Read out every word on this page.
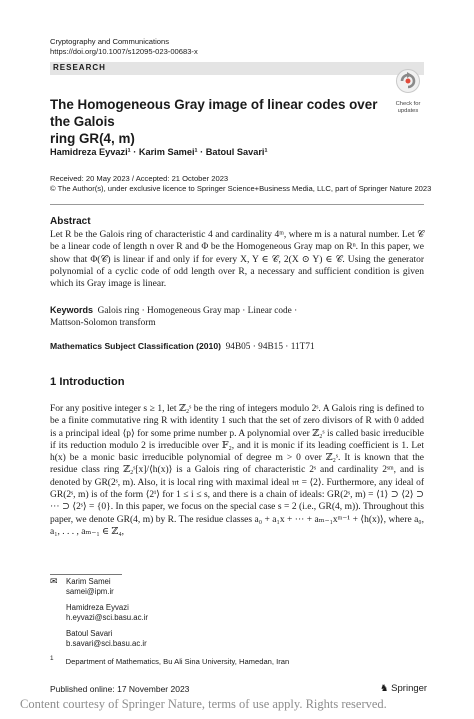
Cryptography and Communications
https://doi.org/10.1007/s12095-023-00683-x
RESEARCH
Check for
updates
The Homogeneous Gray image of linear codes over the Galois
ring GR(4, m)
Hamidreza Eyvazi¹ · Karim Samei¹ · Batoul Savari¹
Received: 20 May 2023 / Accepted: 21 October 2023
© The Author(s), under exclusive licence to Springer Science+Business Media, LLC, part of Springer Nature 2023
Abstract
Let R be the Galois ring of characteristic 4 and cardinality 4ᵐ, where m is a natural number. Let 𝒞 be a linear code of length n over R and Φ be the Homogeneous Gray map on Rⁿ. In this paper, we show that Φ(𝒞) is linear if and only if for every X, Y ∈ 𝒞, 2(X ⊙ Y) ∈ 𝒞. Using the generator polynomial of a cyclic code of odd length over R, a necessary and sufficient condition is given which its Gray image is linear.
Keywords Galois ring · Homogeneous Gray map · Linear code ·
Mattson-Solomon transform
Mathematics Subject Classification (2010) 94B05 · 94B15 · 11T71
1 Introduction
For any positive integer s ≥ 1, let ℤ₂ˢ be the ring of integers modulo 2ˢ. A Galois ring is defined to be a finite commutative ring R with identity 1 such that the set of zero divisors of R with 0 added is a principal ideal ⟨p⟩ for some prime number p. A polynomial over ℤ₂ˢ is called basic irreducible if its reduction modulo 2 is irreducible over 𝔽₂, and it is monic if its leading coefficient is 1. Let h(x) be a monic basic irreducible polynomial of degree m > 0 over ℤ₂ˢ. It is known that the residue class ring ℤ₂ˢ[x]/⟨h(x)⟩ is a Galois ring of characteristic 2ˢ and cardinality 2ˢᵐ, and is denoted by GR(2ˢ, m). Also, it is local ring with maximal ideal 𝔪 = ⟨2⟩. Furthermore, any ideal of GR(2ˢ, m) is of the form ⟨2ⁱ⟩ for 1 ≤ i ≤ s, and there is a chain of ideals: GR(2ˢ, m) = ⟨1⟩ ⊃ ⟨2⟩ ⊃ ··· ⊃ ⟨2ˢ⟩ = {0}. In this paper, we focus on the special case s = 2 (i.e., GR(4, m)). Throughout this paper, we denote GR(4, m) by R. The residue classes a₀ + a₁x + ··· + aₘ₋₁xᵐ⁻¹ + ⟨h(x)⟩, where a₀, a₁, . . . , aₘ₋₁ ∈ ℤ₄,
✉ Karim Samei
samei@ipm.ir
Hamidreza Eyvazi
h.eyvazi@sci.basu.ac.ir
Batoul Savari
b.savari@sci.basu.ac.ir
$^1$ Department of Mathematics, Bu Ali Sina University, Hamedan, Iran
Published online: 17 November 2023	♞ Springer
Content courtesy of Springer Nature, terms of use apply. Rights reserved.
